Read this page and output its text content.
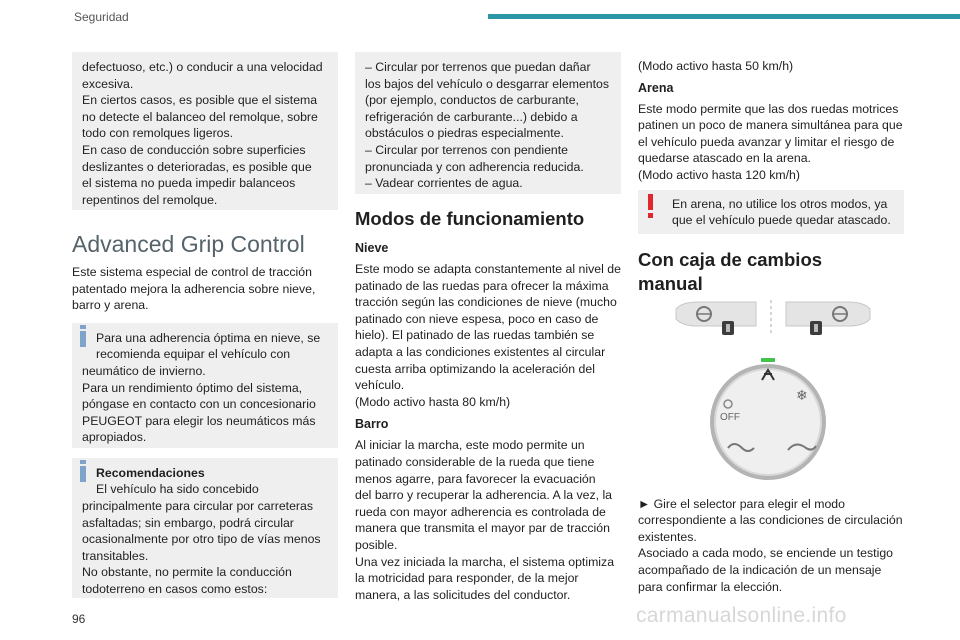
Seguridad

defectuoso, etc.) o conducir a una velocidad

excesiva.

En ciertos casos, es posible que el sistema

no detecte el balanceo del remolque, sobre

todo con remolques ligeros.

En caso de conducción sobre superficies

deslizantes o deterioradas, es posible que

el sistema no pueda impedir balanceos

repentinos del remolque.

Advanced Grip Control

Este sistema especial de control de tracción

patentado mejora la adherencia sobre nieve,

barro y arena.

Para una adherencia óptima en nieve, se

recomienda equipar el vehículo con

neumático de invierno.

Para un rendimiento óptimo del sistema,

póngase en contacto con un concesionario

PEUGEOT para elegir los neumáticos más

apropiados.

Recomendaciones

El vehículo ha sido concebido

principalmente para circular por carreteras

asfaltadas; sin embargo, podrá circular

ocasionalmente por otro tipo de vías menos

transitables.

No obstante, no permite la conducción

todoterreno en casos como estos:

– Circular por terrenos que puedan dañar

los bajos del vehículo o desgarrar elementos

(por ejemplo, conductos de carburante,

refrigeración de carburante...) debido a

obstáculos o piedras especialmente.

– Circular por terrenos con pendiente

pronunciada y con adherencia reducida.

– Vadear corrientes de agua.

Modos de funcionamiento

Nieve

Este modo se adapta constantemente al nivel de

patinado de las ruedas para ofrecer la máxima

tracción según las condiciones de nieve (mucho

patinado con nieve espesa, poco en caso de

hielo). El patinado de las ruedas también se

adapta a las condiciones existentes al circular

cuesta arriba optimizando la aceleración del

vehículo.

(Modo activo hasta 80 km/h)

Barro

Al iniciar la marcha, este modo permite un

patinado considerable de la rueda que tiene

menos agarre, para favorecer la evacuación

del barro y recuperar la adherencia. A la vez, la

rueda con mayor adherencia es controlada de

manera que transmita el mayor par de tracción

posible.

Una vez iniciada la marcha, el sistema optimiza

la motricidad para responder, de la mejor

manera, a las solicitudes del conductor.

(Modo activo hasta 50 km/h)

Arena

Este modo permite que las dos ruedas motrices

patinen un poco de manera simultánea para que

el vehículo pueda avanzar y limitar el riesgo de

quedarse atascado en la arena.

(Modo activo hasta 120 km/h)

En arena, no utilice los otros modos, ya

que el vehículo puede quedar atascado.

Con caja de cambios
manual
❄
OFF

► Gire el selector para elegir el modo

correspondiente a las condiciones de circulación

existentes.

Asociado a cada modo, se enciende un testigo

acompañado de la indicación de un mensaje

para confirmar la elección.

96	carmanualsonline.info
